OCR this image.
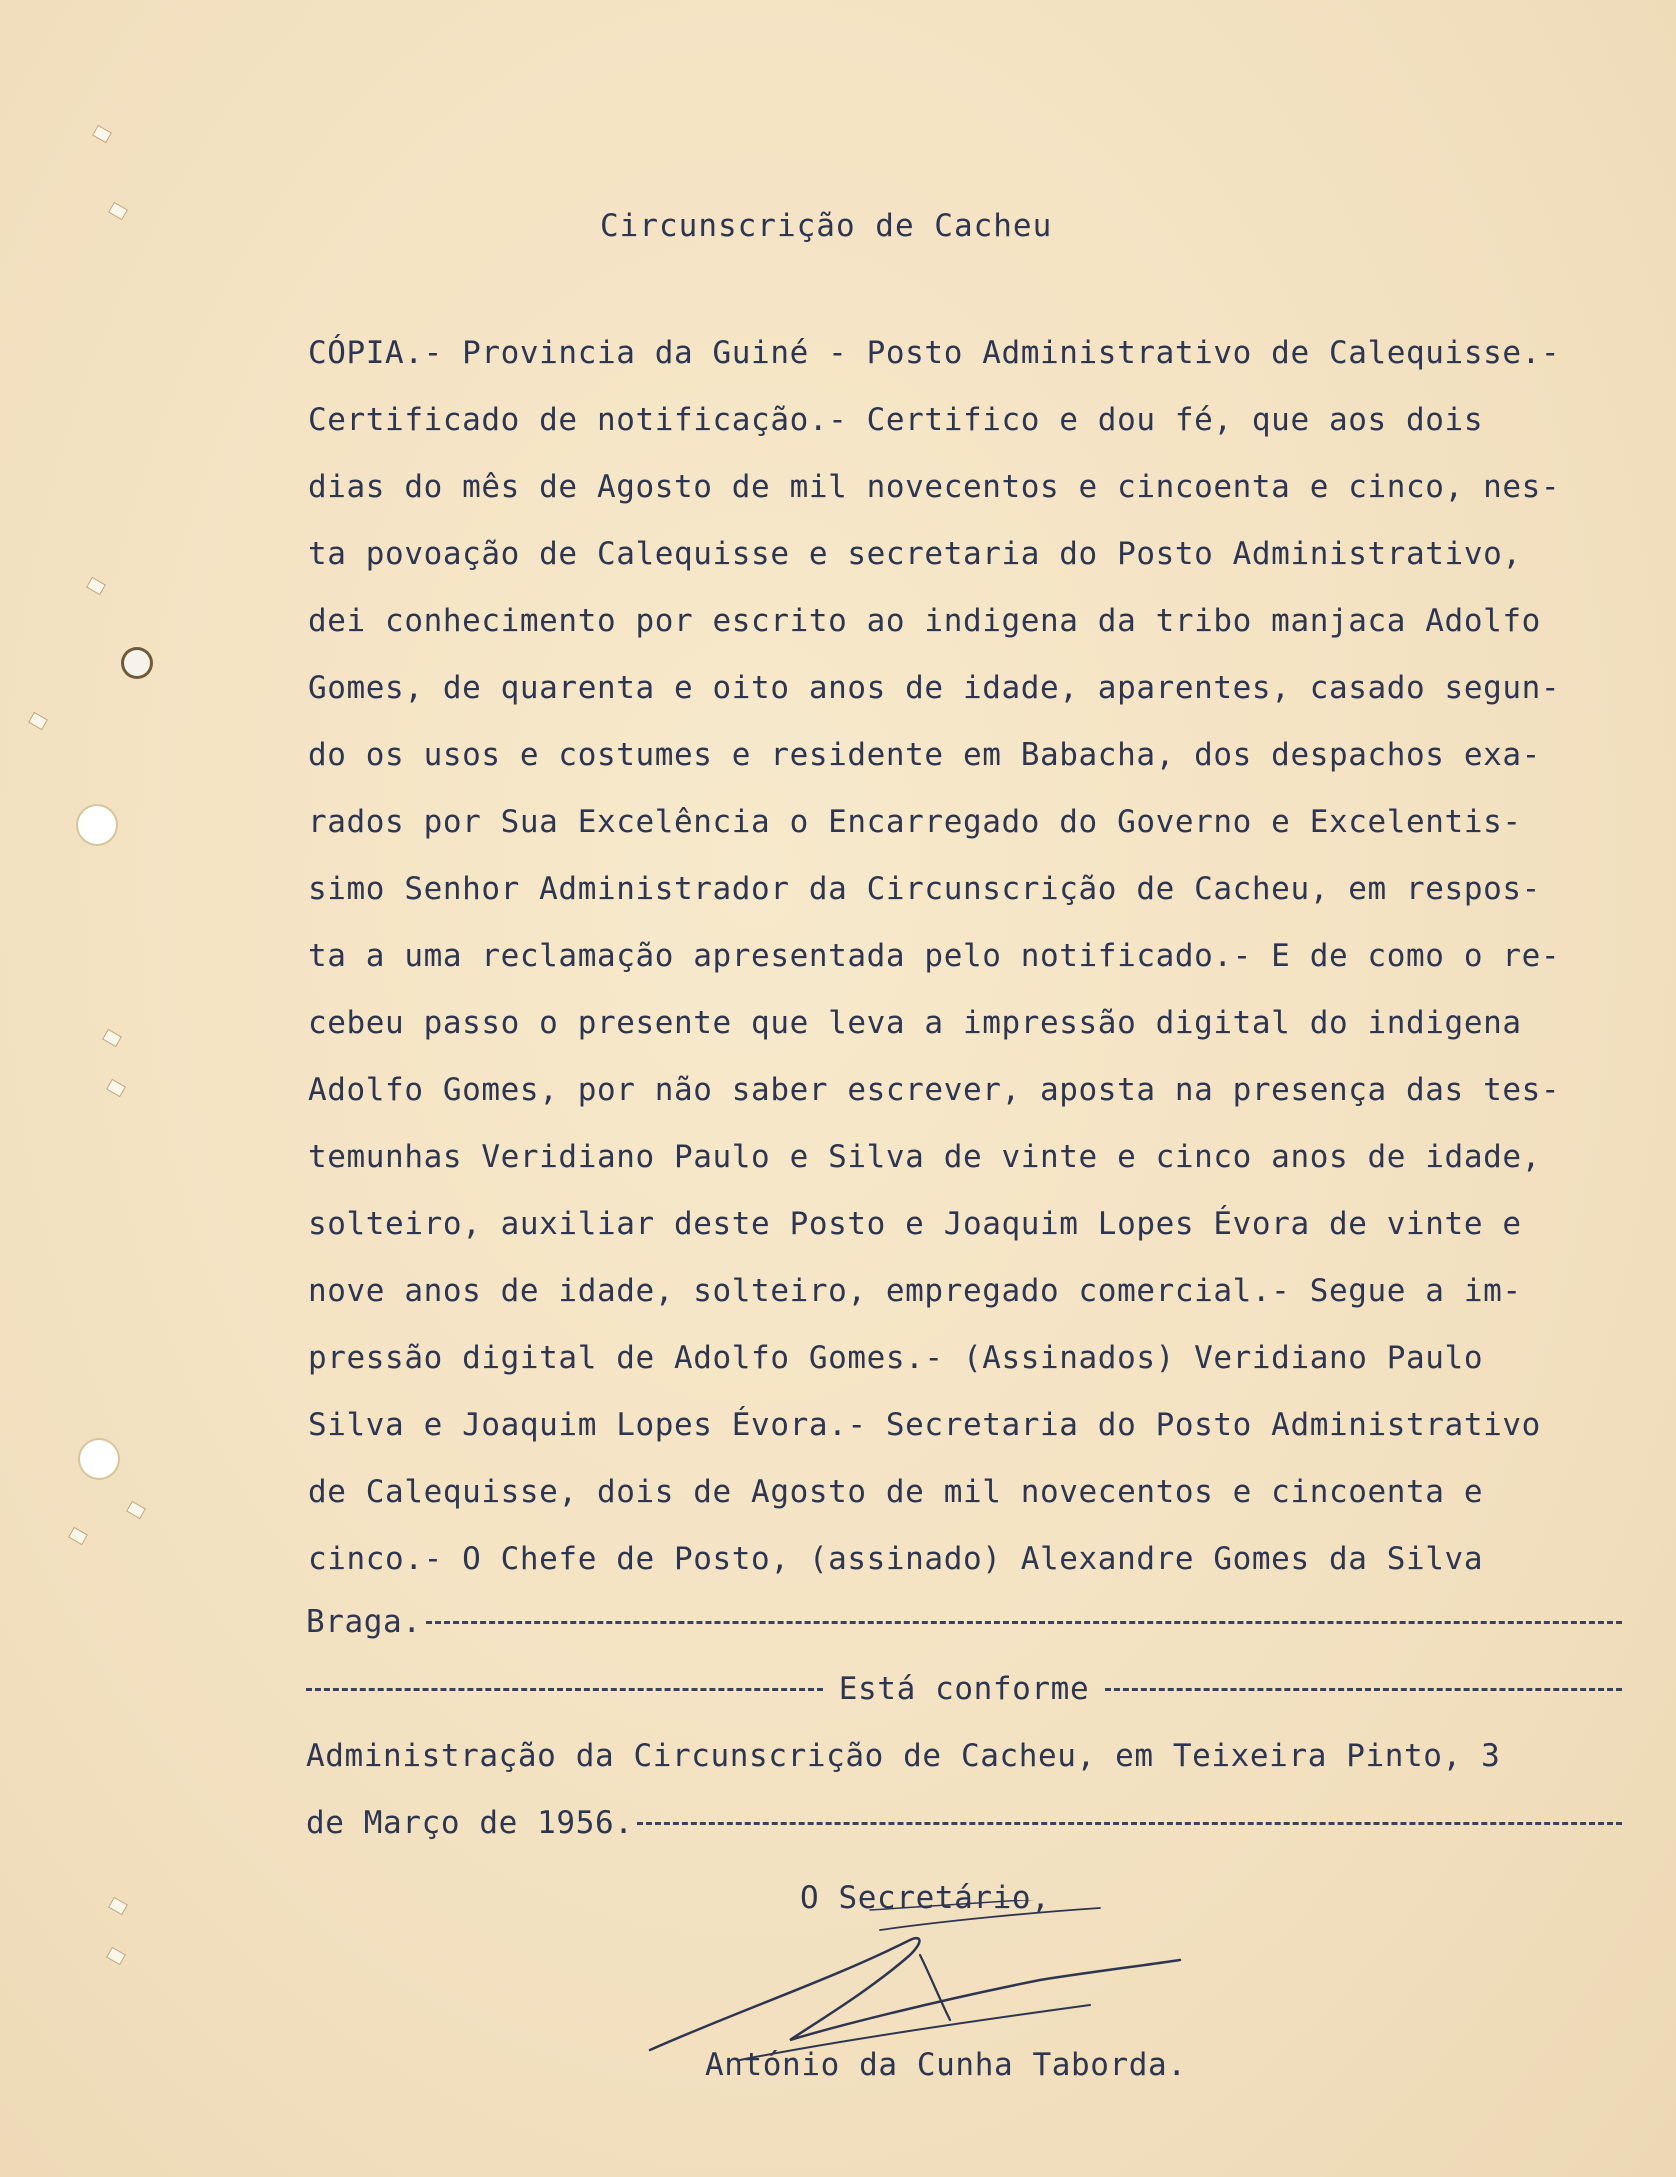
Circunscrição de Cacheu
CÓPIA.- Provincia da Guiné - Posto Administrativo de Calequisse.-
Certificado de notificação.- Certifico e dou fé, que aos dois
dias do mês de Agosto de mil novecentos e cincoenta e cinco, nes-
ta povoação de Calequisse e secretaria do Posto Administrativo,
dei conhecimento por escrito ao indigena da tribo manjaca Adolfo
Gomes, de quarenta e oito anos de idade, aparentes, casado segun-
do os usos e costumes e residente em Babacha, dos despachos exa-
rados por Sua Excelência o Encarregado do Governo e Excelentis-
simo Senhor Administrador da Circunscrição de Cacheu, em respos-
ta a uma reclamação apresentada pelo notificado.- E de como o re-
cebeu passo o presente que leva a impressão digital do indigena
Adolfo Gomes, por não saber escrever, aposta na presença das tes-
temunhas Veridiano Paulo e Silva de vinte e cinco anos de idade,
solteiro, auxiliar deste Posto e Joaquim Lopes Évora de vinte e
nove anos de idade, solteiro, empregado comercial.- Segue a im-
pressão digital de Adolfo Gomes.- (Assinados) Veridiano Paulo
Silva e Joaquim Lopes Évora.- Secretaria do Posto Administrativo
de Calequisse, dois de Agosto de mil novecentos e cincoenta e
cinco.- O Chefe de Posto, (assinado) Alexandre Gomes da Silva
Braga.
Está conforme
Administração da Circunscrição de Cacheu, em Teixeira Pinto, 3
de Março de 1956.
O Secretário,
António da Cunha Taborda.
